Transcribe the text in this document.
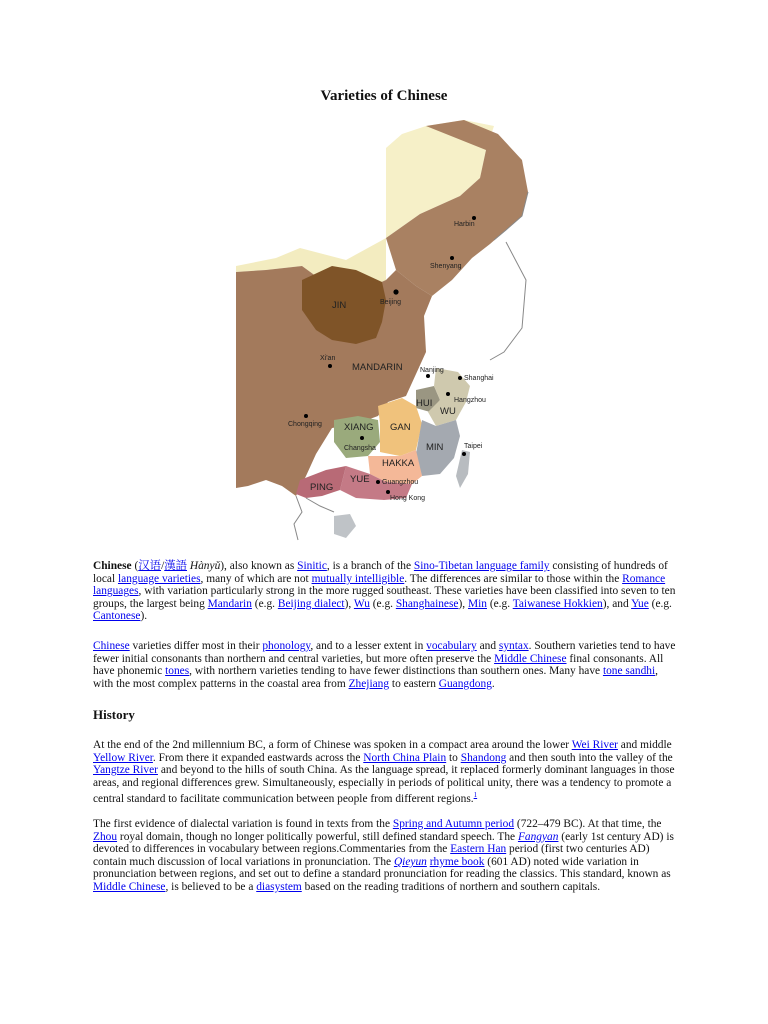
Varieties of Chinese
JIN
MANDARIN
HUI
WU
XIANG GAN
MIN
HAKKA
YUE
PING
Harbin
Shenyang
Beijing
Xi'an
Nanjing
Shanghai
Hangzhou
Chongqing
Changsha	Taipei
Guangzhou
Hong Kong
Chinese (汉语/漢語 Hànyǔ), also known as Sinitic, is a branch of the Sino-Tibetan language family consisting of hundreds of local language varieties, many of which are not mutually intelligible. The differences are similar to those within the Romance languages, with variation particularly strong in the more rugged southeast. These varieties have been classified into seven to ten groups, the largest being Mandarin (e.g. Beijing dialect), Wu (e.g. Shanghainese), Min (e.g. Taiwanese Hokkien), and Yue (e.g. Cantonese).
Chinese varieties differ most in their phonology, and to a lesser extent in vocabulary and syntax. Southern varieties tend to have fewer initial consonants than northern and central varieties, but more often preserve the Middle Chinese final consonants. All have phonemic tones, with northern varieties tending to have fewer distinctions than southern ones. Many have tone sandhi, with the most complex patterns in the coastal area from Zhejiang to eastern Guangdong.
History
At the end of the 2nd millennium BC, a form of Chinese was spoken in a compact area around the lower Wei River and middle Yellow River. From there it expanded eastwards across the North China Plain to Shandong and then south into the valley of the Yangtze River and beyond to the hills of south China. As the language spread, it replaced formerly dominant languages in those areas, and regional differences grew. Simultaneously, especially in periods of political unity, there was a tendency to promote a central standard to facilitate communication between people from different regions.$^1$
The first evidence of dialectal variation is found in texts from the Spring and Autumn period (722–479 BC). At that time, the Zhou royal domain, though no longer politically powerful, still defined standard speech. The Fangyan (early 1st century AD) is devoted to differences in vocabulary between regions.Commentaries from the Eastern Han period (first two centuries AD) contain much discussion of local variations in pronunciation. The Qieyun rhyme book (601 AD) noted wide variation in pronunciation between regions, and set out to define a standard pronunciation for reading the classics. This standard, known as Middle Chinese, is believed to be a diasystem based on the reading traditions of northern and southern capitals.
